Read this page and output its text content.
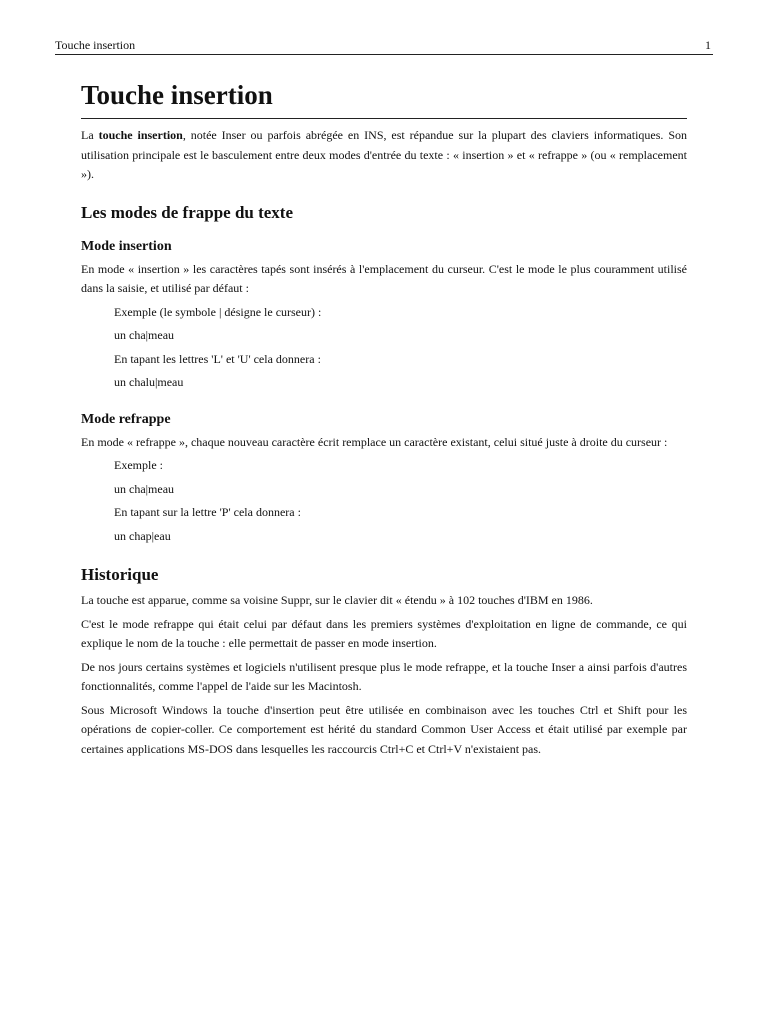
Touche insertion	1
Touche insertion

La touche insertion, notée Inser ou parfois abrégée en INS, est répandue sur la plupart des claviers informatiques. Son utilisation principale est le basculement entre deux modes d'entrée du texte : « insertion » et « refrappe » (ou « remplacement »).

Les modes de frappe du texte
Mode insertion

En mode « insertion » les caractères tapés sont insérés à l'emplacement du curseur. C'est le mode le plus couramment utilisé dans la saisie, et utilisé par défaut :

Exemple (le symbole | désigne le curseur) :
un cha|meau
En tapant les lettres 'L' et 'U' cela donnera :
un chalu|meau
Mode refrappe

En mode « refrappe », chaque nouveau caractère écrit remplace un caractère existant, celui situé juste à droite du curseur :

Exemple :
un cha|meau
En tapant sur la lettre 'P' cela donnera :
un chap|eau
Historique

La touche est apparue, comme sa voisine Suppr, sur le clavier dit « étendu » à 102 touches d'IBM en 1986.

C'est le mode refrappe qui était celui par défaut dans les premiers systèmes d'exploitation en ligne de commande, ce qui explique le nom de la touche : elle permettait de passer en mode insertion.

De nos jours certains systèmes et logiciels n'utilisent presque plus le mode refrappe, et la touche Inser a ainsi parfois d'autres fonctionnalités, comme l'appel de l'aide sur les Macintosh.

Sous Microsoft Windows la touche d'insertion peut être utilisée en combinaison avec les touches Ctrl et Shift pour les opérations de copier-coller. Ce comportement est hérité du standard Common User Access et était utilisé par exemple par certaines applications MS-DOS dans lesquelles les raccourcis Ctrl+C et Ctrl+V n'existaient pas.
